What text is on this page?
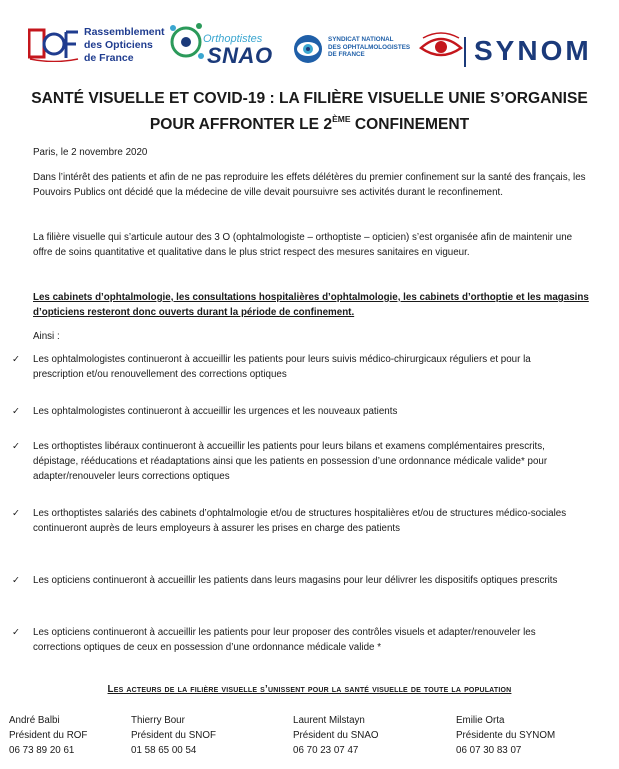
Rassemblement
des Opticiens
de France
Orthoptistes
SNAO
SYNDICAT NATIONAL
DES OPHTALMOLOGISTES
DE FRANCE	SYNOM
SANTÉ VISUELLE ET COVID-19 : LA FILIÈRE VISUELLE UNIE S’ORGANISE
POUR AFFRONTER LE 2ÈME CONFINEMENT
Paris, le 2 novembre 2020
Dans l’intérêt des patients et afin de ne pas reproduire les effets délétères du premier confinement sur la santé des français, les Pouvoirs Publics ont décidé que la médecine de ville devait poursuivre ses activités durant le reconfinement.
La filière visuelle qui s’articule autour des 3 O (ophtalmologiste – orthoptiste – opticien) s’est organisée afin de maintenir une offre de soins quantitative et qualitative dans le plus strict respect des mesures sanitaires en vigueur.
Les cabinets d’ophtalmologie, les consultations hospitalières d’ophtalmologie, les cabinets d’orthoptie et les magasins d’opticiens resteront donc ouverts durant la période de confinement.
Ainsi :
✓ Les ophtalmologistes continueront à accueillir les patients pour leurs suivis médico-chirurgicaux réguliers et pour la prescription et/ou renouvellement des corrections optiques
✓ Les ophtalmologistes continueront à accueillir les urgences et les nouveaux patients
✓ Les orthoptistes libéraux continueront à accueillir les patients pour leurs bilans et examens complémentaires prescrits, dépistage, rééducations et réadaptations ainsi que les patients en possession d’une ordonnance médicale valide* pour adapter/renouveler leurs corrections optiques
✓ Les orthoptistes salariés des cabinets d’ophtalmologie et/ou de structures hospitalières et/ou de structures médico-sociales continueront auprès de leurs employeurs à assurer les prises en charge des patients
✓ Les opticiens continueront à accueillir les patients dans leurs magasins pour leur délivrer les dispositifs optiques prescrits
✓ Les opticiens continueront à accueillir les patients pour leur proposer des contrôles visuels et adapter/renouveler les corrections optiques de ceux en possession d’une ordonnance médicale valide *
Les acteurs de la filière visuelle s’unissent pour la santé visuelle de toute la population
André Balbi
Président du ROF
06 73 89 20 61
Thierry Bour
Président du SNOF
01 58 65 00 54
Laurent Milstayn
Président du SNAO
06 70 23 07 47
Emilie Orta
Présidente du SYNOM
06 07 30 83 07
